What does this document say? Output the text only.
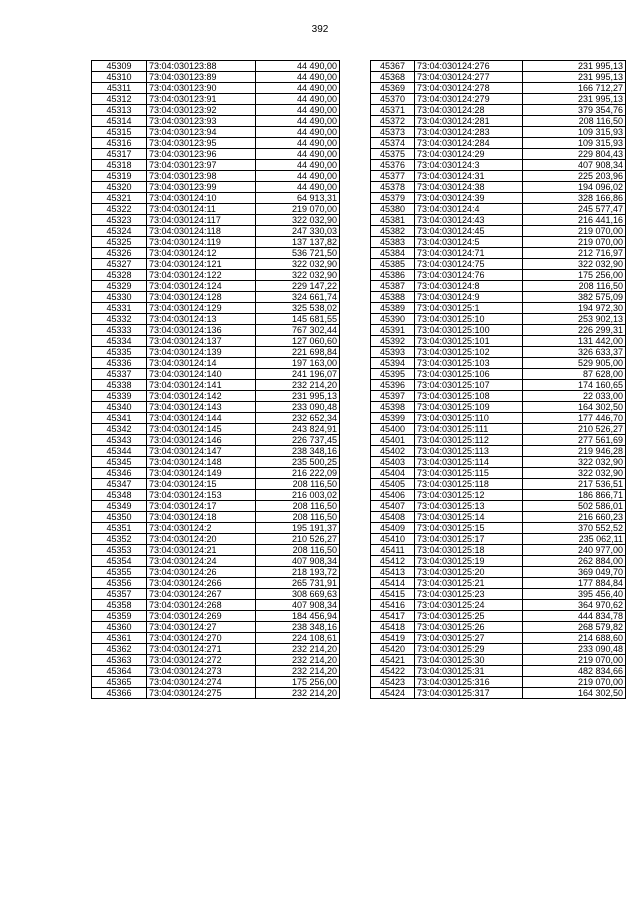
392
45309	73:04:030123:88	44 490,00
45310	73:04:030123:89	44 490,00
45311	73:04:030123:90	44 490,00
45312	73:04:030123:91	44 490,00
45313	73:04:030123:92	44 490,00
45314	73:04:030123:93	44 490,00
45315	73:04:030123:94	44 490,00
45316	73:04:030123:95	44 490,00
45317	73:04:030123:96	44 490,00
45318	73:04:030123:97	44 490,00
45319	73:04:030123:98	44 490,00
45320	73:04:030123:99	44 490,00
45321	73:04:030124:10	64 913,31
45322	73:04:030124:11	219 070,00
45323	73:04:030124:117	322 032,90
45324	73:04:030124:118	247 330,03
45325	73:04:030124:119	137 137,82
45326	73:04:030124:12	536 721,50
45327	73:04:030124:121	322 032,90
45328	73:04:030124:122	322 032,90
45329	73:04:030124:124	229 147,22
45330	73:04:030124:128	324 661,74
45331	73:04:030124:129	325 538,02
45332	73:04:030124:13	145 681,55
45333	73:04:030124:136	767 302,44
45334	73:04:030124:137	127 060,60
45335	73:04:030124:139	221 698,84
45336	73:04:030124:14	197 163,00
45337	73:04:030124:140	241 196,07
45338	73:04:030124:141	232 214,20
45339	73:04:030124:142	231 995,13
45340	73:04:030124:143	233 090,48
45341	73:04:030124:144	232 652,34
45342	73:04:030124:145	243 824,91
45343	73:04:030124:146	226 737,45
45344	73:04:030124:147	238 348,16
45345	73:04:030124:148	235 500,25
45346	73:04:030124:149	216 222,09
45347	73:04:030124:15	208 116,50
45348	73:04:030124:153	216 003,02
45349	73:04:030124:17	208 116,50
45350	73:04:030124:18	208 116,50
45351	73:04:030124:2	195 191,37
45352	73:04:030124:20	210 526,27
45353	73:04:030124:21	208 116,50
45354	73:04:030124:24	407 908,34
45355	73:04:030124:26	218 193,72
45356	73:04:030124:266	265 731,91
45357	73:04:030124:267	308 669,63
45358	73:04:030124:268	407 908,34
45359	73:04:030124:269	184 456,94
45360	73:04:030124:27	238 348,16
45361	73:04:030124:270	224 108,61
45362	73:04:030124:271	232 214,20
45363	73:04:030124:272	232 214,20
45364	73:04:030124:273	232 214,20
45365	73:04:030124:274	175 256,00
45366	73:04:030124:275	232 214,20
45367	73:04:030124:276	231 995,13
45368	73:04:030124:277	231 995,13
45369	73:04:030124:278	166 712,27
45370	73:04:030124:279	231 995,13
45371	73:04:030124:28	379 354,76
45372	73:04:030124:281	208 116,50
45373	73:04:030124:283	109 315,93
45374	73:04:030124:284	109 315,93
45375	73:04:030124:29	229 804,43
45376	73:04:030124:3	407 908,34
45377	73:04:030124:31	225 203,96
45378	73:04:030124:38	194 096,02
45379	73:04:030124:39	328 166,86
45380	73:04:030124:4	245 577,47
45381	73:04:030124:43	216 441,16
45382	73:04:030124:45	219 070,00
45383	73:04:030124:5	219 070,00
45384	73:04:030124:71	212 716,97
45385	73:04:030124:75	322 032,90
45386	73:04:030124:76	175 256,00
45387	73:04:030124:8	208 116,50
45388	73:04:030124:9	382 575,09
45389	73:04:030125:1	194 972,30
45390	73:04:030125:10	253 902,13
45391	73:04:030125:100	226 299,31
45392	73:04:030125:101	131 442,00
45393	73:04:030125:102	326 633,37
45394	73:04:030125:103	529 905,00
45395	73:04:030125:106	87 628,00
45396	73:04:030125:107	174 160,65
45397	73:04:030125:108	22 033,00
45398	73:04:030125:109	164 302,50
45399	73:04:030125:110	177 446,70
45400	73:04:030125:111	210 526,27
45401	73:04:030125:112	277 561,69
45402	73:04:030125:113	219 946,28
45403	73:04:030125:114	322 032,90
45404	73:04:030125:115	322 032,90
45405	73:04:030125:118	217 536,51
45406	73:04:030125:12	186 866,71
45407	73:04:030125:13	502 586,01
45408	73:04:030125:14	216 660,23
45409	73:04:030125:15	370 552,52
45410	73:04:030125:17	235 062,11
45411	73:04:030125:18	240 977,00
45412	73:04:030125:19	262 884,00
45413	73:04:030125:20	369 049,70
45414	73:04:030125:21	177 884,84
45415	73:04:030125:23	395 456,40
45416	73:04:030125:24	364 970,62
45417	73:04:030125:25	444 834,78
45418	73:04:030125:26	268 579,82
45419	73:04:030125:27	214 688,60
45420	73:04:030125:29	233 090,48
45421	73:04:030125:30	219 070,00
45422	73:04:030125:31	482 834,66
45423	73:04:030125:316	219 070,00
45424	73:04:030125:317	164 302,50
